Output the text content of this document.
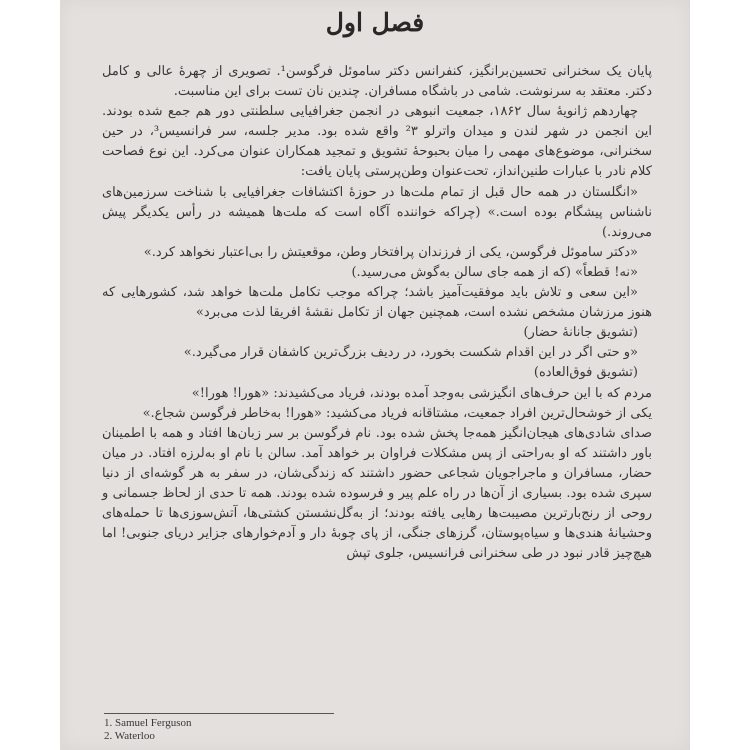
فصل اول

پایان یک سخنرانی تحسین‌برانگیز، کنفرانس دکتر ساموئل فرگوسن¹. تصویری از چهرهٔ عالی و کامل دکتر. معتقد به سرنوشت. شامی در باشگاه مسافران. چندین نان تست برای این مناسبت.

چهاردهم ژانویهٔ سال ۱۸۶۲، جمعیت انبوهی در انجمن جغرافیایی سلطنتی دور هم جمع شده بودند. این انجمن در شهر لندن و میدان واترلو ²۳ واقع شده بود. مدیر جلسه، سر فرانسیس³، در حین سخنرانی، موضوع‌های مهمی را میان بحبوحهٔ تشویق و تمجید همکاران عنوان می‌کرد. این نوع فصاحت کلام نادر با عبارات طنین‌انداز، تحت‌عنوان وطن‌پرستی پایان یافت:

«انگلستان در همه حال قبل از تمام ملت‌ها در حوزهٔ اکتشافات جغرافیایی با شناخت سرزمین‌های ناشناس پیشگام بوده است.» (چراکه خواننده آگاه است که ملت‌ها همیشه در رأس یکدیگر پیش می‌روند.)

«دکتر ساموئل فرگوسن، یکی از فرزندان پرافتخار وطن، موقعیتش را بی‌اعتبار نخواهد کرد.»

«نه! قطعاً» (که از همه جای سالن به‌گوش می‌رسید.)

«این سعی و تلاش باید موفقیت‌آمیز باشد؛ چراکه موجب تکامل ملت‌ها خواهد شد، کشورهایی که هنوز مرزشان مشخص نشده است، همچنین جهان از تکامل نقشهٔ افریقا لذت می‌برد»

(تشویق جانانهٔ حضار)

«و حتی اگر در این اقدام شکست بخورد، در ردیف بزرگ‌ترین کاشفان قرار می‌گیرد.»

(تشویق فوق‌العاده)

مردم که با این حرف‌های انگیزشی به‌وجد آمده بودند، فریاد می‌کشیدند: «هورا! هورا!»

یکی از خوشحال‌ترین افراد جمعیت، مشتاقانه فریاد می‌کشید: «هورا! به‌خاطر فرگوسن شجاع.»

صدای شادی‌های هیجان‌انگیز همه‌جا پخش شده بود. نام فرگوسن بر سر زبان‌ها افتاد و همه با اطمینان باور داشتند که او به‌راحتی از پس مشکلات فراوان بر خواهد آمد. سالن با نام او به‌لرزه افتاد. در میان حضار، مسافران و ماجراجویان شجاعی حضور داشتند که زندگی‌شان، در سفر به هر گوشه‌ای از دنیا سپری شده بود. بسیاری از آن‌ها در راه علم پیر و فرسوده شده بودند. همه تا حدی از لحاظ جسمانی و روحی از رنج‌بارترین مصیبت‌ها رهایی یافته بودند؛ از به‌گل‌نشستن کشتی‌ها، آتش‌سوزی‌ها تا حمله‌های وحشیانهٔ هندی‌ها و سیاه‌پوستان، گرزهای جنگی، از پای چوبهٔ دار و آدم‌خوارهای جزایر دریای جنوبی! اما هیچ‌چیز قادر نبود در طی سخنرانی فرانسیس، جلوی تپش

1. Samuel Ferguson
2. Waterloo
